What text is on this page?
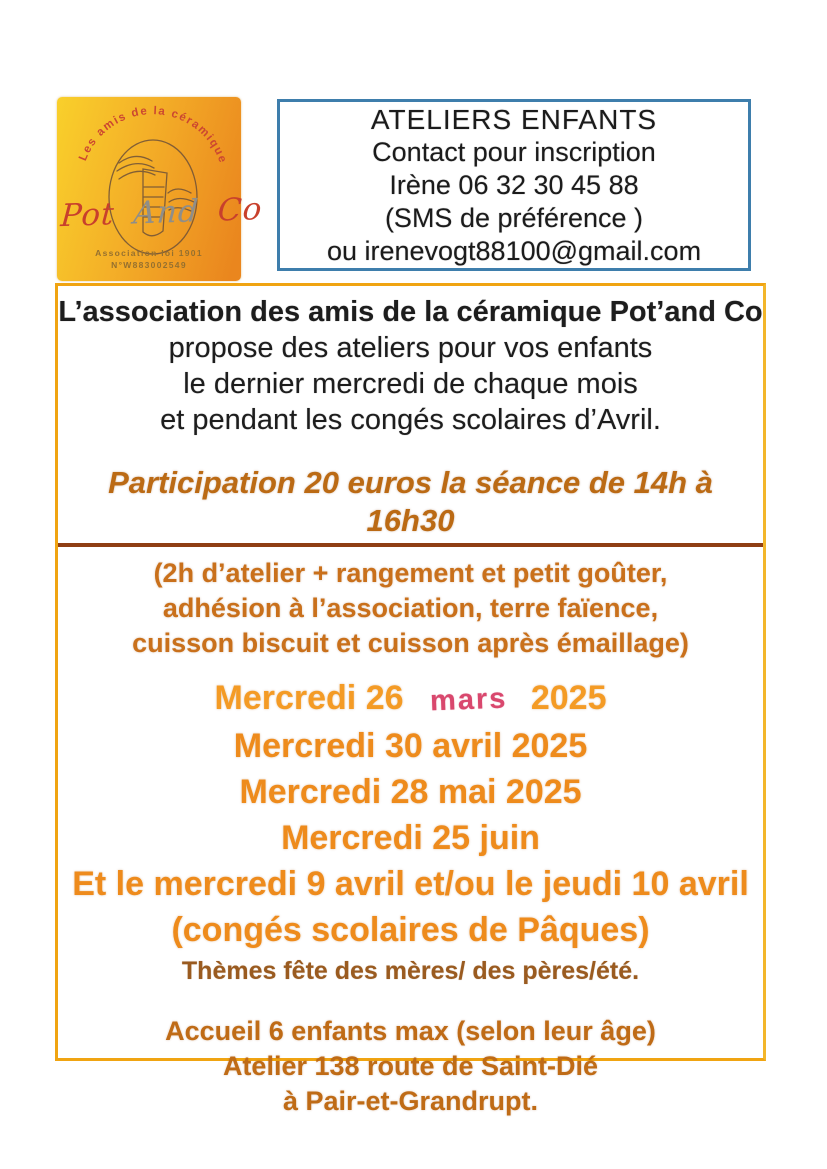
Les amis de la céramique
Pot And Co
Association loi 1901
N°W883002549
ATELIERS ENFANTS
Contact pour inscription
Irène 06 32 30 45 88
(SMS de préférence )
ou irenevogt88100@gmail.com
L’association des amis de la céramique Pot’and Co
propose des ateliers pour vos enfants
le dernier mercredi de chaque mois
et pendant les congés scolaires d’Avril.
Participation 20 euros la séance de 14h à 16h30
(2h d’atelier + rangement et petit goûter,
adhésion à l’association, terre faïence,
cuisson biscuit et cuisson après émaillage)
Mercredi 26 mars 2025
Mercredi 30 avril 2025
Mercredi 28 mai 2025
Mercredi 25 juin
Et le mercredi 9 avril et/ou le jeudi 10 avril
(congés scolaires de Pâques)
Thèmes fête des mères/ des pères/été.
Accueil 6 enfants max (selon leur âge)
Atelier 138 route de Saint-Dié
à Pair-et-Grandrupt.
